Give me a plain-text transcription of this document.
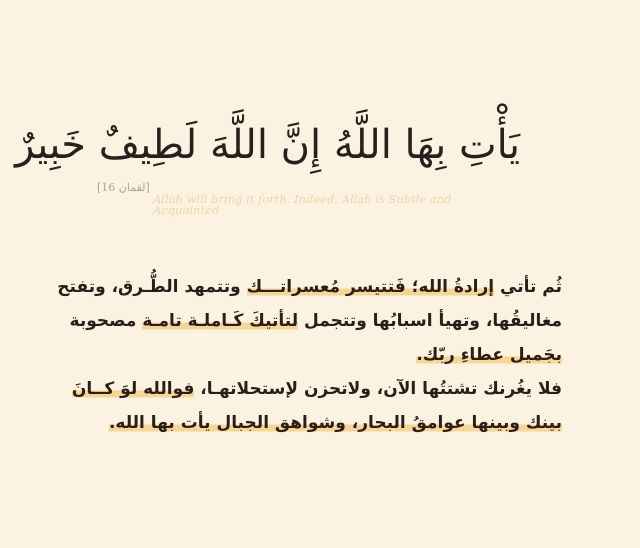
يَأْتِ بِهَا اللَّهُ إِنَّ اللَّهَ لَطِيفٌ خَبِيرٌ
[لقمان 16]
Allah will bring it forth. Indeed, Allah is Subtle and Acquainted
ثُم تأتي إرادةُ الله؛ فَتتيسر مُعسراتـــك وتتمهد الطُّـرق، وتفتح
مغاليقُها، وتهيأ اسبابُها وتتجمل لتأتيكَ كَـاملـة تامـة مصحوبة
بجَميل عطاءِ ربّك.
فلا يغُرنك تشتتُها الآن، ولاتحزن لإستحلاتهـا، فوالله لوَ كــانَ
بينك وبينها عوامقُ البحار، وشواهق الجبال يأت بها الله.
